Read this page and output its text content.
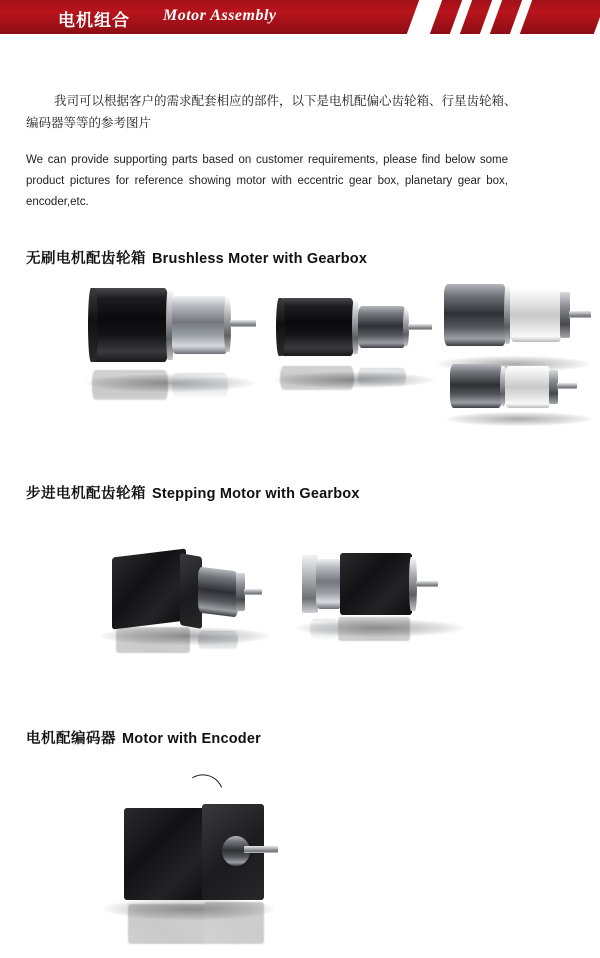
电机组合 Motor Assembly

我司可以根据客户的需求配套相应的部件，以下是电机配偏心齿轮箱、行星齿轮箱、编码器等等的参考图片

We can provide supporting parts based on customer requirements, please find below some product pictures for reference showing motor with eccentric gear box, planetary gear box, encoder,etc.

无刷电机配齿轮箱 Brushless Moter with Gearbox
步进电机配齿轮箱 Stepping Motor with Gearbox
电机配编码器 Motor with Encoder
